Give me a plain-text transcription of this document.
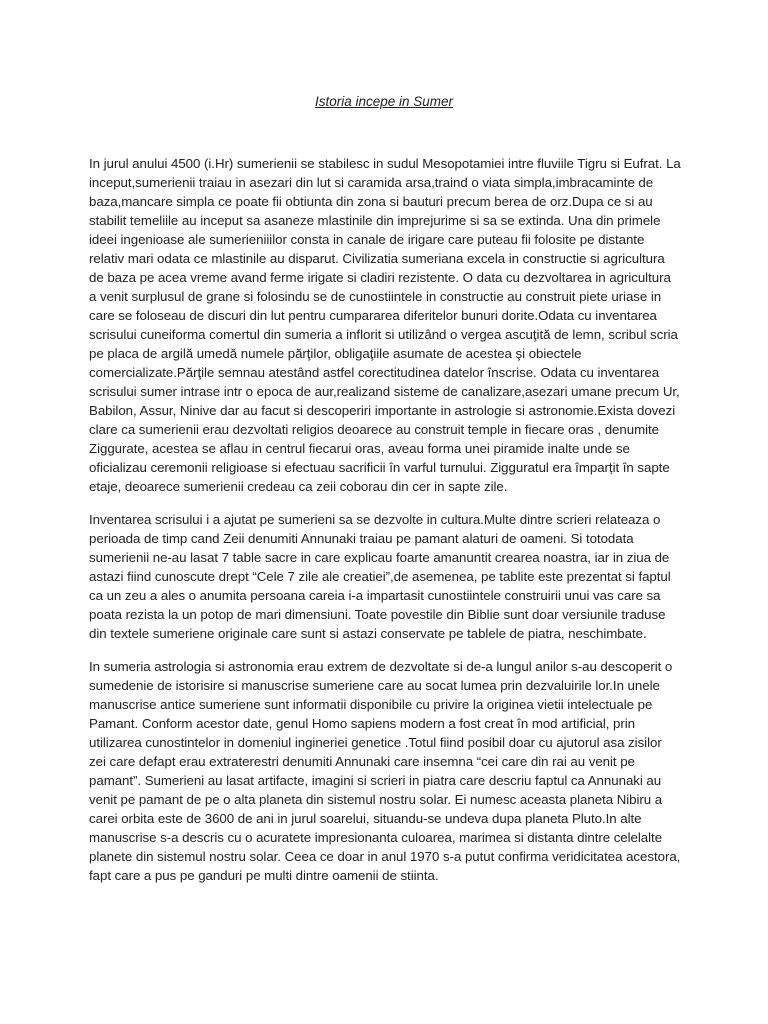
Istoria incepe in Sumer

In jurul anului 4500 (i.Hr) sumerienii se stabilesc in sudul Mesopotamiei intre fluviile Tigru si Eufrat. La inceput,sumerienii traiau in asezari din lut si caramida arsa,traind o viata simpla,imbracaminte de baza,mancare simpla ce poate fii obtiunta din zona si bauturi precum berea de orz.Dupa ce si au stabilit temeliile au inceput sa asaneze mlastinile din imprejurime si sa se extinda. Una din primele ideei ingenioase ale sumerieniiilor consta in canale de irigare care puteau fii folosite pe distante relativ mari odata ce mlastinile au disparut. Civilizatia sumeriana excela in constructie si agricultura de baza pe acea vreme avand ferme irigate si cladiri rezistente. O data cu dezvoltarea in agricultura a venit surplusul de grane si folosindu se de cunostiintele in constructie au construit piete uriase in care se foloseau de discuri din lut pentru cumpararea diferitelor bunuri dorite.Odata cu inventarea scrisului cuneiforma comertul din sumeria a inflorit si utilizând o vergea ascuţită de lemn, scribul scria pe placa de argilă umedă numele părţilor, obligaţiile asumate de acestea şi obiectele comercializate.Părţile semnau atestând astfel corectitudinea datelor înscrise. Odata cu inventarea scrisului sumer intrase intr o epoca de aur,realizand sisteme de canalizare,asezari umane precum Ur, Babilon, Assur, Ninive dar au facut si descoperiri importante in astrologie si astronomie.Exista dovezi clare ca sumerienii erau dezvoltati religios deoarece au construit temple in fiecare oras , denumite Ziggurate, acestea se aflau in centrul fiecarui oras, aveau forma unei piramide inalte unde se oficializau ceremonii religioase si efectuau sacrificii în varful turnului. Zigguratul era împarțit în sapte etaje, deoarece sumerienii credeau ca zeii coborau din cer in sapte zile.

Inventarea scrisului i a ajutat pe sumerieni sa se dezvolte in cultura.Multe dintre scrieri relateaza o perioada de timp cand Zeii denumiti Annunaki traiau pe pamant alaturi de oameni. Si totodata sumerienii ne-au lasat 7 table sacre in care explicau foarte amanuntit crearea noastra, iar in ziua de astazi fiind cunoscute drept “Cele 7 zile ale creatiei”,de asemenea, pe tablite este prezentat si faptul ca un zeu a ales o anumita persoana careia i-a impartasit cunostiintele construirii unui vas care sa poata rezista la un potop de mari dimensiuni. Toate povestile din Biblie sunt doar versiunile traduse din textele sumeriene originale care sunt si astazi conservate pe tablele de piatra, neschimbate.

In sumeria astrologia si astronomia erau extrem de dezvoltate si de-a lungul anilor s-au descoperit o sumedenie de istorisire si manuscrise sumeriene care au socat lumea prin dezvaluirile lor.In unele manuscrise antice sumeriene sunt informatii disponibile cu privire la originea vietii intelectuale pe Pamant. Conform acestor date, genul Homo sapiens modern a fost creat în mod artificial, prin utilizarea cunostintelor in domeniul ingineriei genetice .Totul fiind posibil doar cu ajutorul asa zisilor zei care defapt erau extraterestri denumiti Annunaki care insemna “cei care din rai au venit pe pamant”. Sumerieni au lasat artifacte, imagini si scrieri in piatra care descriu faptul ca Annunaki au venit pe pamant de pe o alta planeta din sistemul nostru solar. Ei numesc aceasta planeta Nibiru a carei orbita este de 3600 de ani in jurul soarelui, situandu-se undeva dupa planeta Pluto.In alte manuscrise s-a descris cu o acuratete impresionanta culoarea, marimea si distanta dintre celelalte planete din sistemul nostru solar. Ceea ce doar in anul 1970 s-a putut confirma veridicitatea acestora, fapt care a pus pe ganduri pe multi dintre oamenii de stiinta.
